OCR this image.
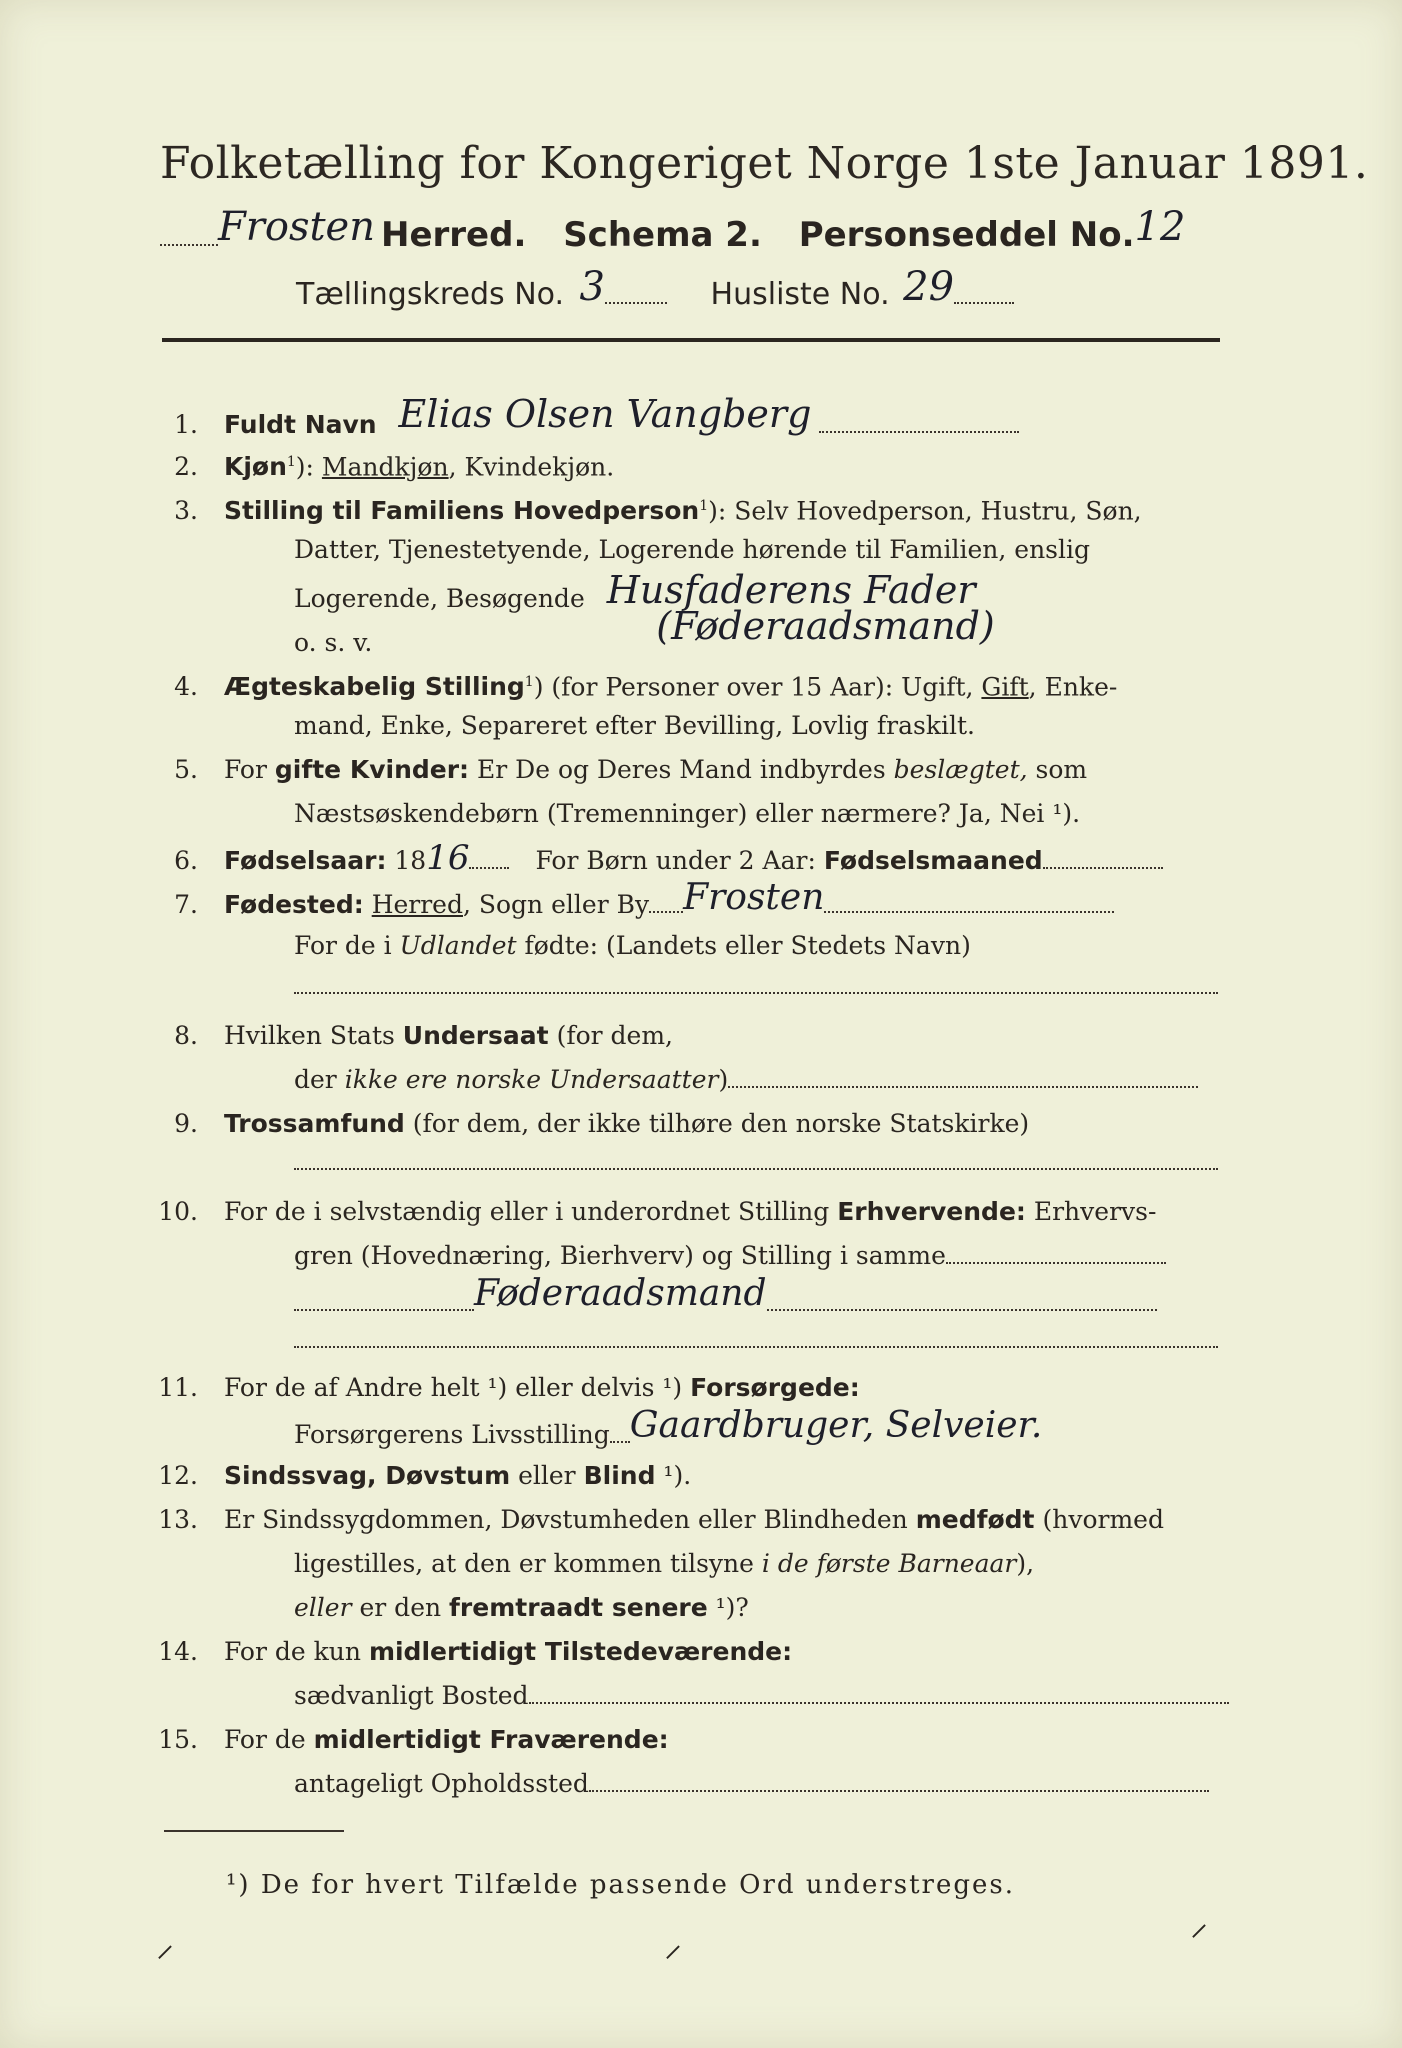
Folketælling for Kongeriget Norge 1ste Januar 1891.
Frosten Herred. Schema 2. Personseddel No.12
Tællingskreds No. 3	Husliste No. 29
1. Fuldt Navn Elias Olsen Vangberg
2. Kjøn$^1$): Mandkjøn, Kvindekjøn.
3. Stilling til Familiens Hovedperson$^1$): Selv Hovedperson, Hustru, Søn,
Datter, Tjenestetyende, Logerende hørende til Familien, enslig
Logerende, Besøgende Husfaderens Fader
o. s. v.	(Føderaadsmand)
4. Ægteskabelig Stilling$^1$) (for Personer over 15 Aar): Ugift, Gift, Enke-
mand, Enke, Separeret efter Bevilling, Lovlig fraskilt.
5. For gifte Kvinder: Er De og Deres Mand indbyrdes beslægtet, som
Næstsøskendebørn (Tremenninger) eller nærmere? Ja, Nei ¹).
6. Fødselsaar: 1816	For Børn under 2 Aar: Fødselsmaaned
7. Fødested: Herred, Sogn eller By Frosten
For de i Udlandet fødte: (Landets eller Stedets Navn)
8. Hvilken Stats Undersaat (for dem,
der ikke ere norske Undersaatter)
9. Trossamfund (for dem, der ikke tilhøre den norske Statskirke)
10. For de i selvstændig eller i underordnet Stilling Erhvervende: Erhvervs-
gren (Hovednæring, Bierhverv) og Stilling i samme
Føderaadsmand
11. For de af Andre helt ¹) eller delvis ¹) Forsørgede:
Forsørgerens Livsstilling Gaardbruger, Selveier.
12. Sindssvag, Døvstum eller Blind ¹).
13. Er Sindssygdommen, Døvstumheden eller Blindheden medfødt (hvormed
ligestilles, at den er kommen tilsyne i de første Barneaar),
eller er den fremtraadt senere ¹)?
14. For de kun midlertidigt Tilstedeværende:
sædvanligt Bosted
15. For de midlertidigt Fraværende:
antageligt Opholdssted
¹) De for hvert Tilfælde passende Ord understreges.
⸝	⸝	⸍
